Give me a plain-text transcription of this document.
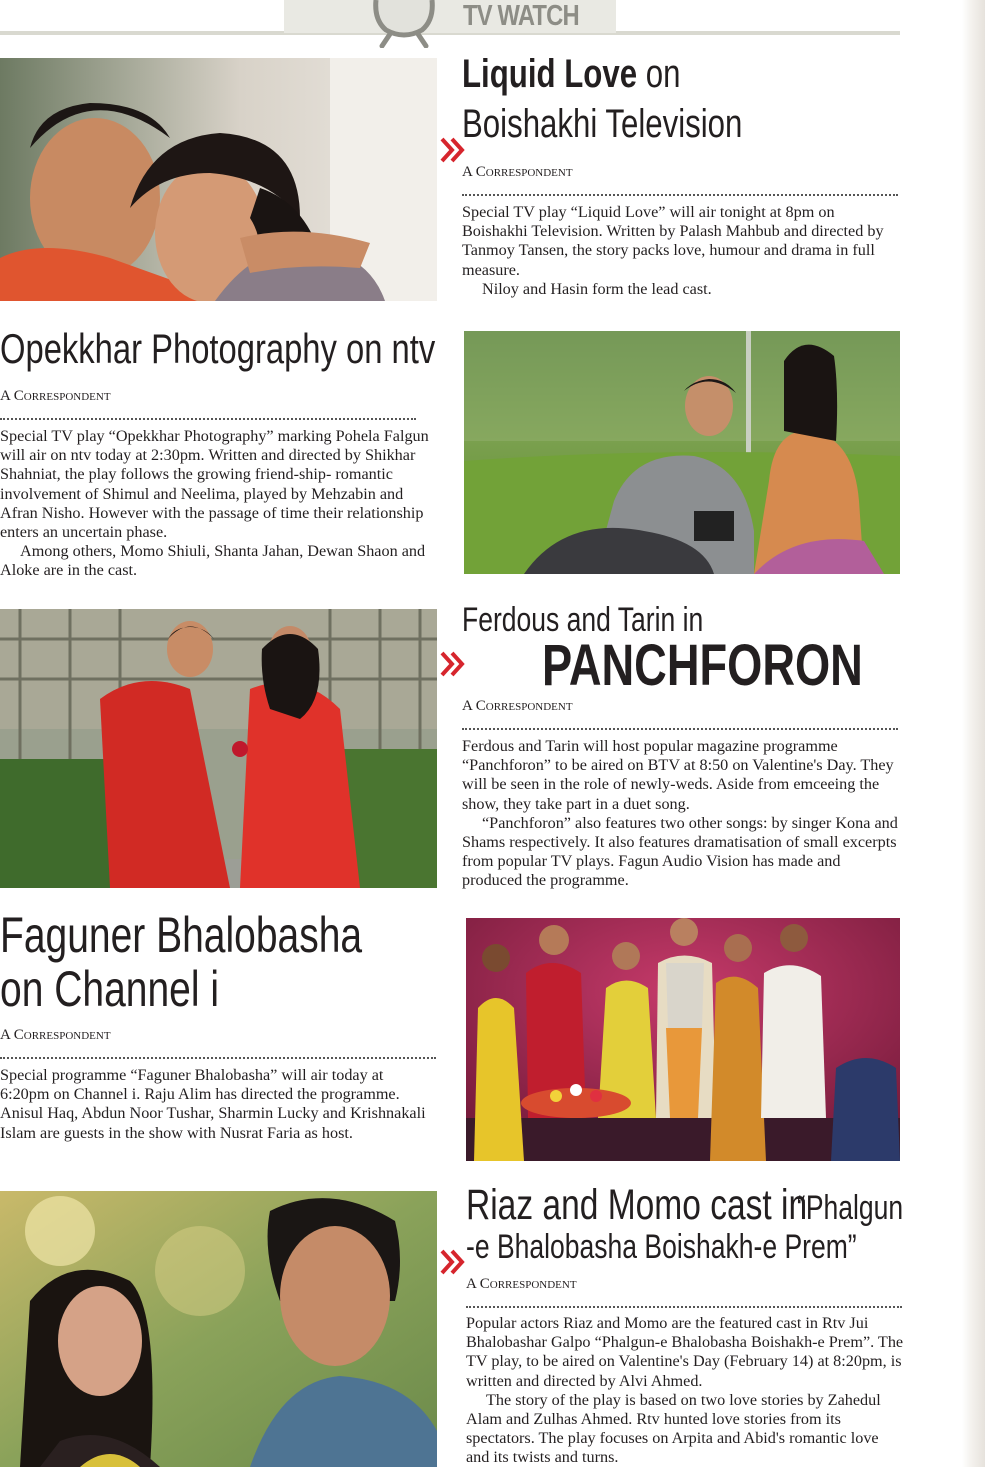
TV WATCH
Liquid Love on
Boishakhi Television
A Correspondent

Special TV play “Liquid Love” will air tonight at 8pm on Boishakhi Television. Written by Palash Mahbub and directed by Tanmoy Tansen, the story packs love, humour and drama in full measure.

Niloy and Hasin form the lead cast.

Opekkhar Photography on ntv
A Correspondent

Special TV play “Opekkhar Photography” marking Pohela Falgun will air on ntv today at 2:30pm. Written and directed by Shikhar Shahniat, the play follows the growing friend-ship- romantic involvement of Shimul and Neelima, played by Mehzabin and Afran Nisho. However with the passage of time their relationship enters an uncertain phase.

Among others, Momo Shiuli, Shanta Jahan, Dewan Shaon and Aloke are in the cast.

Ferdous and Tarin in
PANCHFORON
A Correspondent

Ferdous and Tarin will host popular magazine programme “Panchforon” to be aired on BTV at 8:50 on Valentine's Day. They will be seen in the role of newly-weds. Aside from emceeing the show, they take part in a duet song.

“Panchforon” also features two other songs: by singer Kona and Shams respectively. It also features dramatisation of small excerpts from popular TV plays. Fagun Audio Vision has made and produced the programme.

Faguner Bhalobasha
on Channel i
A Correspondent

Special programme “Faguner Bhalobasha” will air today at 6:20pm on Channel i. Raju Alim has directed the programme. Anisul Haq, Abdun Noor Tushar, Sharmin Lucky and Krishnakali Islam are guests in the show with Nusrat Faria as host.

Riaz and Momo cast in
“Phalgun
-e Bhalobasha Boishakh-e Prem”
A Correspondent

Popular actors Riaz and Momo are the featured cast in Rtv Jui Bhalobashar Galpo “Phalgun-e Bhalobasha Boishakh-e Prem”. The TV play, to be aired on Valentine's Day (February 14) at 8:20pm, is written and directed by Alvi Ahmed.

The story of the play is based on two love stories by Zahedul Alam and Zulhas Ahmed. Rtv hunted love stories from its spectators. The play focuses on Arpita and Abid's romantic love and its twists and turns.
